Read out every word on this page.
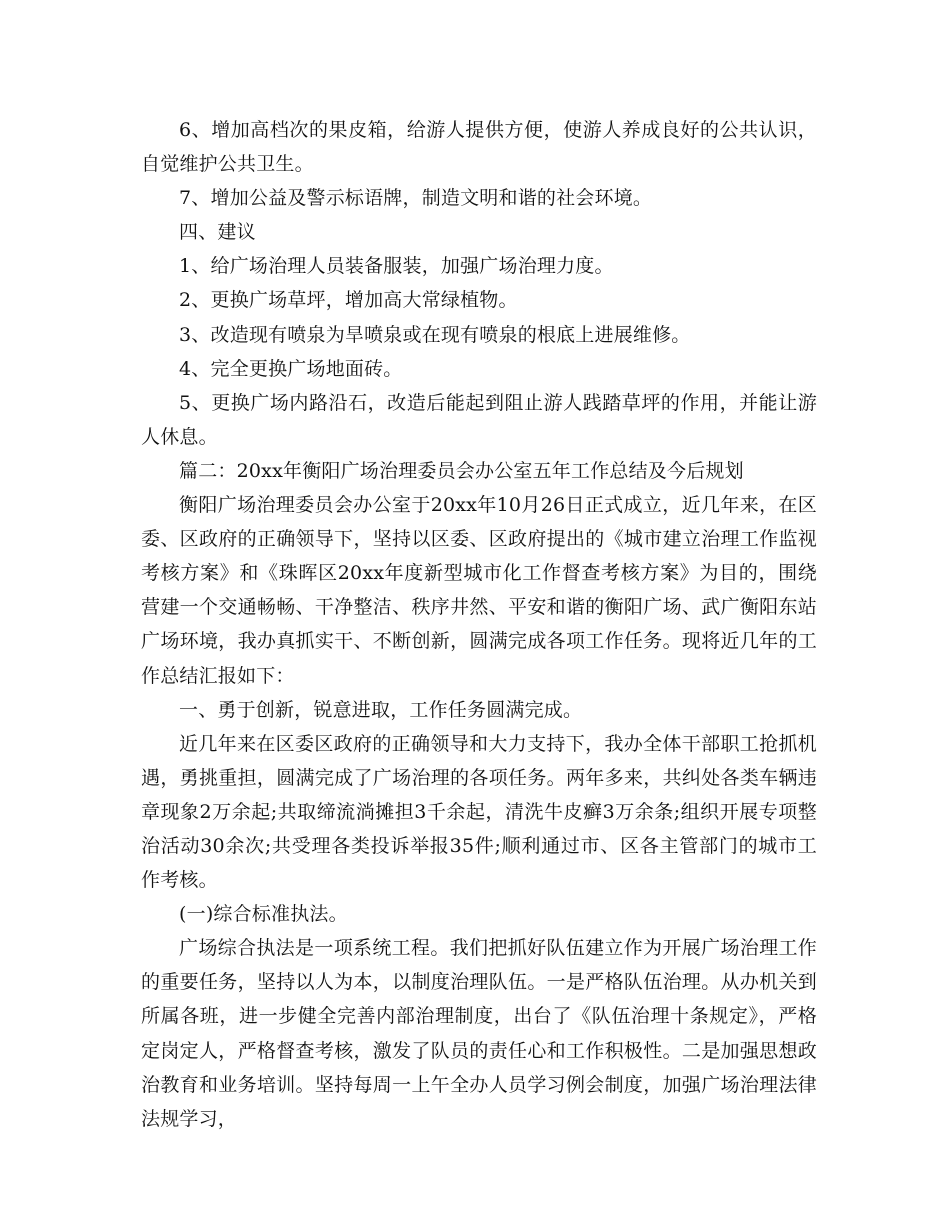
6、增加高档次的果皮箱，给游人提供方便，使游人养成良好的公共认识，自觉维护公共卫生。

7、增加公益及警示标语牌，制造文明和谐的社会环境。

四、建议

1、给广场治理人员装备服装，加强广场治理力度。

2、更换广场草坪，增加高大常绿植物。

3、改造现有喷泉为旱喷泉或在现有喷泉的根底上进展维修。

4、完全更换广场地面砖。

5、更换广场内路沿石，改造后能起到阻止游人践踏草坪的作用，并能让游人休息。

篇二：20xx年衡阳广场治理委员会办公室五年工作总结及今后规划

衡阳广场治理委员会办公室于20xx年10月26日正式成立，近几年来，在区委、区政府的正确领导下，坚持以区委、区政府提出的《城市建立治理工作监视考核方案》和《珠晖区20xx年度新型城市化工作督查考核方案》为目的，围绕营建一个交通畅畅、干净整洁、秩序井然、平安和谐的衡阳广场、武广衡阳东站广场环境，我办真抓实干、不断创新，圆满完成各项工作任务。现将近几年的工作总结汇报如下：

一、勇于创新，锐意进取，工作任务圆满完成。

近几年来在区委区政府的正确领导和大力支持下，我办全体干部职工抢抓机遇，勇挑重担，圆满完成了广场治理的各项任务。两年多来，共纠处各类车辆违章现象2万余起;共取缔流淌摊担3千余起，清洗牛皮癣3万余条;组织开展专项整治活动30余次;共受理各类投诉举报35件;顺利通过市、区各主管部门的城市工作考核。

(一)综合标准执法。

广场综合执法是一项系统工程。我们把抓好队伍建立作为开展广场治理工作的重要任务，坚持以人为本，以制度治理队伍。一是严格队伍治理。从办机关到所属各班，进一步健全完善内部治理制度，出台了《队伍治理十条规定》，严格定岗定人，严格督查考核，激发了队员的责任心和工作积极性。二是加强思想政治教育和业务培训。坚持每周一上午全办人员学习例会制度，加强广场治理法律法规学习，
